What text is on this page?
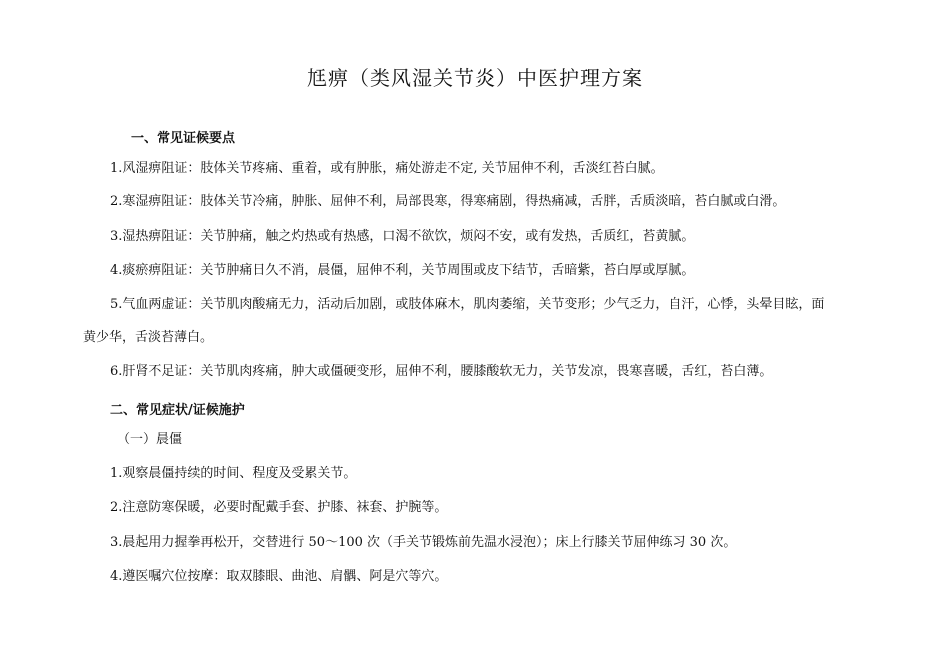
尪痹（类风湿关节炎）中医护理方案
一、常见证候要点
1.风湿痹阻证：肢体关节疼痛、重着，或有肿胀，痛处游走不定, 关节屈伸不利，舌淡红苔白腻。
2.寒湿痹阻证：肢体关节冷痛，肿胀、屈伸不利，局部畏寒，得寒痛剧，得热痛减，舌胖，舌质淡暗，苔白腻或白滑。
3.湿热痹阻证：关节肿痛，触之灼热或有热感，口渴不欲饮，烦闷不安，或有发热，舌质红，苔黄腻。
4.痰瘀痹阻证：关节肿痛日久不消，晨僵，屈伸不利，关节周围或皮下结节，舌暗紫，苔白厚或厚腻。
5.气血两虚证：关节肌肉酸痛无力，活动后加剧，或肢体麻木，肌肉萎缩，关节变形；少气乏力，自汗，心悸，头晕目眩，面
黄少华，舌淡苔薄白。
6.肝肾不足证：关节肌肉疼痛，肿大或僵硬变形，屈伸不利，腰膝酸软无力，关节发凉，畏寒喜暖，舌红，苔白薄。
二、常见症状/证候施护
（一）晨僵
1.观察晨僵持续的时间、程度及受累关节。
2.注意防寒保暖，必要时配戴手套、护膝、袜套、护腕等。
3.晨起用力握拳再松开，交替进行 50～100 次（手关节锻炼前先温水浸泡）；床上行膝关节屈伸练习 30 次。
4.遵医嘱穴位按摩：取双膝眼、曲池、肩髃、阿是穴等穴。
